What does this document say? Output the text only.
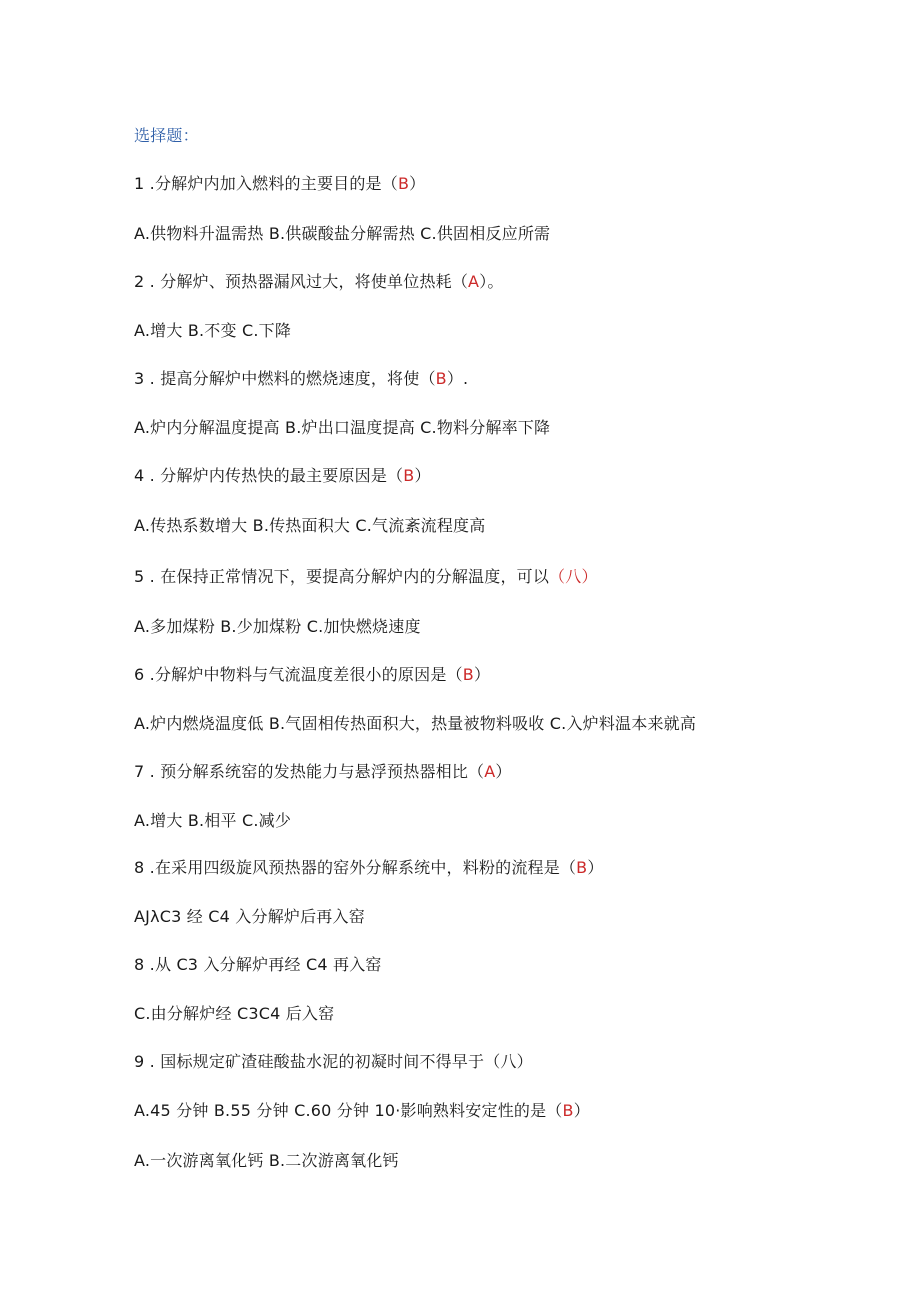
选择题：
1 .分解炉内加入燃料的主要目的是（B）
A.供物料升温需热 B.供碳酸盐分解需热 C.供固相反应所需
2 . 分解炉、预热器漏风过大，将使单位热耗（A）。
A.增大 B.不变 C.下降
3 . 提高分解炉中燃料的燃烧速度，将使（B）.
A.炉内分解温度提高 B.炉出口温度提高 C.物料分解率下降
4 . 分解炉内传热快的最主要原因是（B）
A.传热系数增大 B.传热面积大 C.气流紊流程度高
5 . 在保持正常情况下，要提高分解炉内的分解温度，可以（八）
A.多加煤粉 B.少加煤粉 C.加快燃烧速度
6 .分解炉中物料与气流温度差很小的原因是（B）
A.炉内燃烧温度低 B.气固相传热面积大，热量被物料吸收 C.入炉料温本来就高
7 . 预分解系统窑的发热能力与悬浮预热器相比（A）
A.增大 B.相平 C.减少
8 .在采用四级旋风预热器的窑外分解系统中，料粉的流程是（B）
AJλC3 经 C4 入分解炉后再入窑
8 .从 C3 入分解炉再经 C4 再入窑
C.由分解炉经 C3C4 后入窑
9 . 国标规定矿渣硅酸盐水泥的初凝时间不得早于（八）
A.45 分钟 B.55 分钟 C.60 分钟 10·影响熟料安定性的是（B）
A.一次游离氧化钙 B.二次游离氧化钙
